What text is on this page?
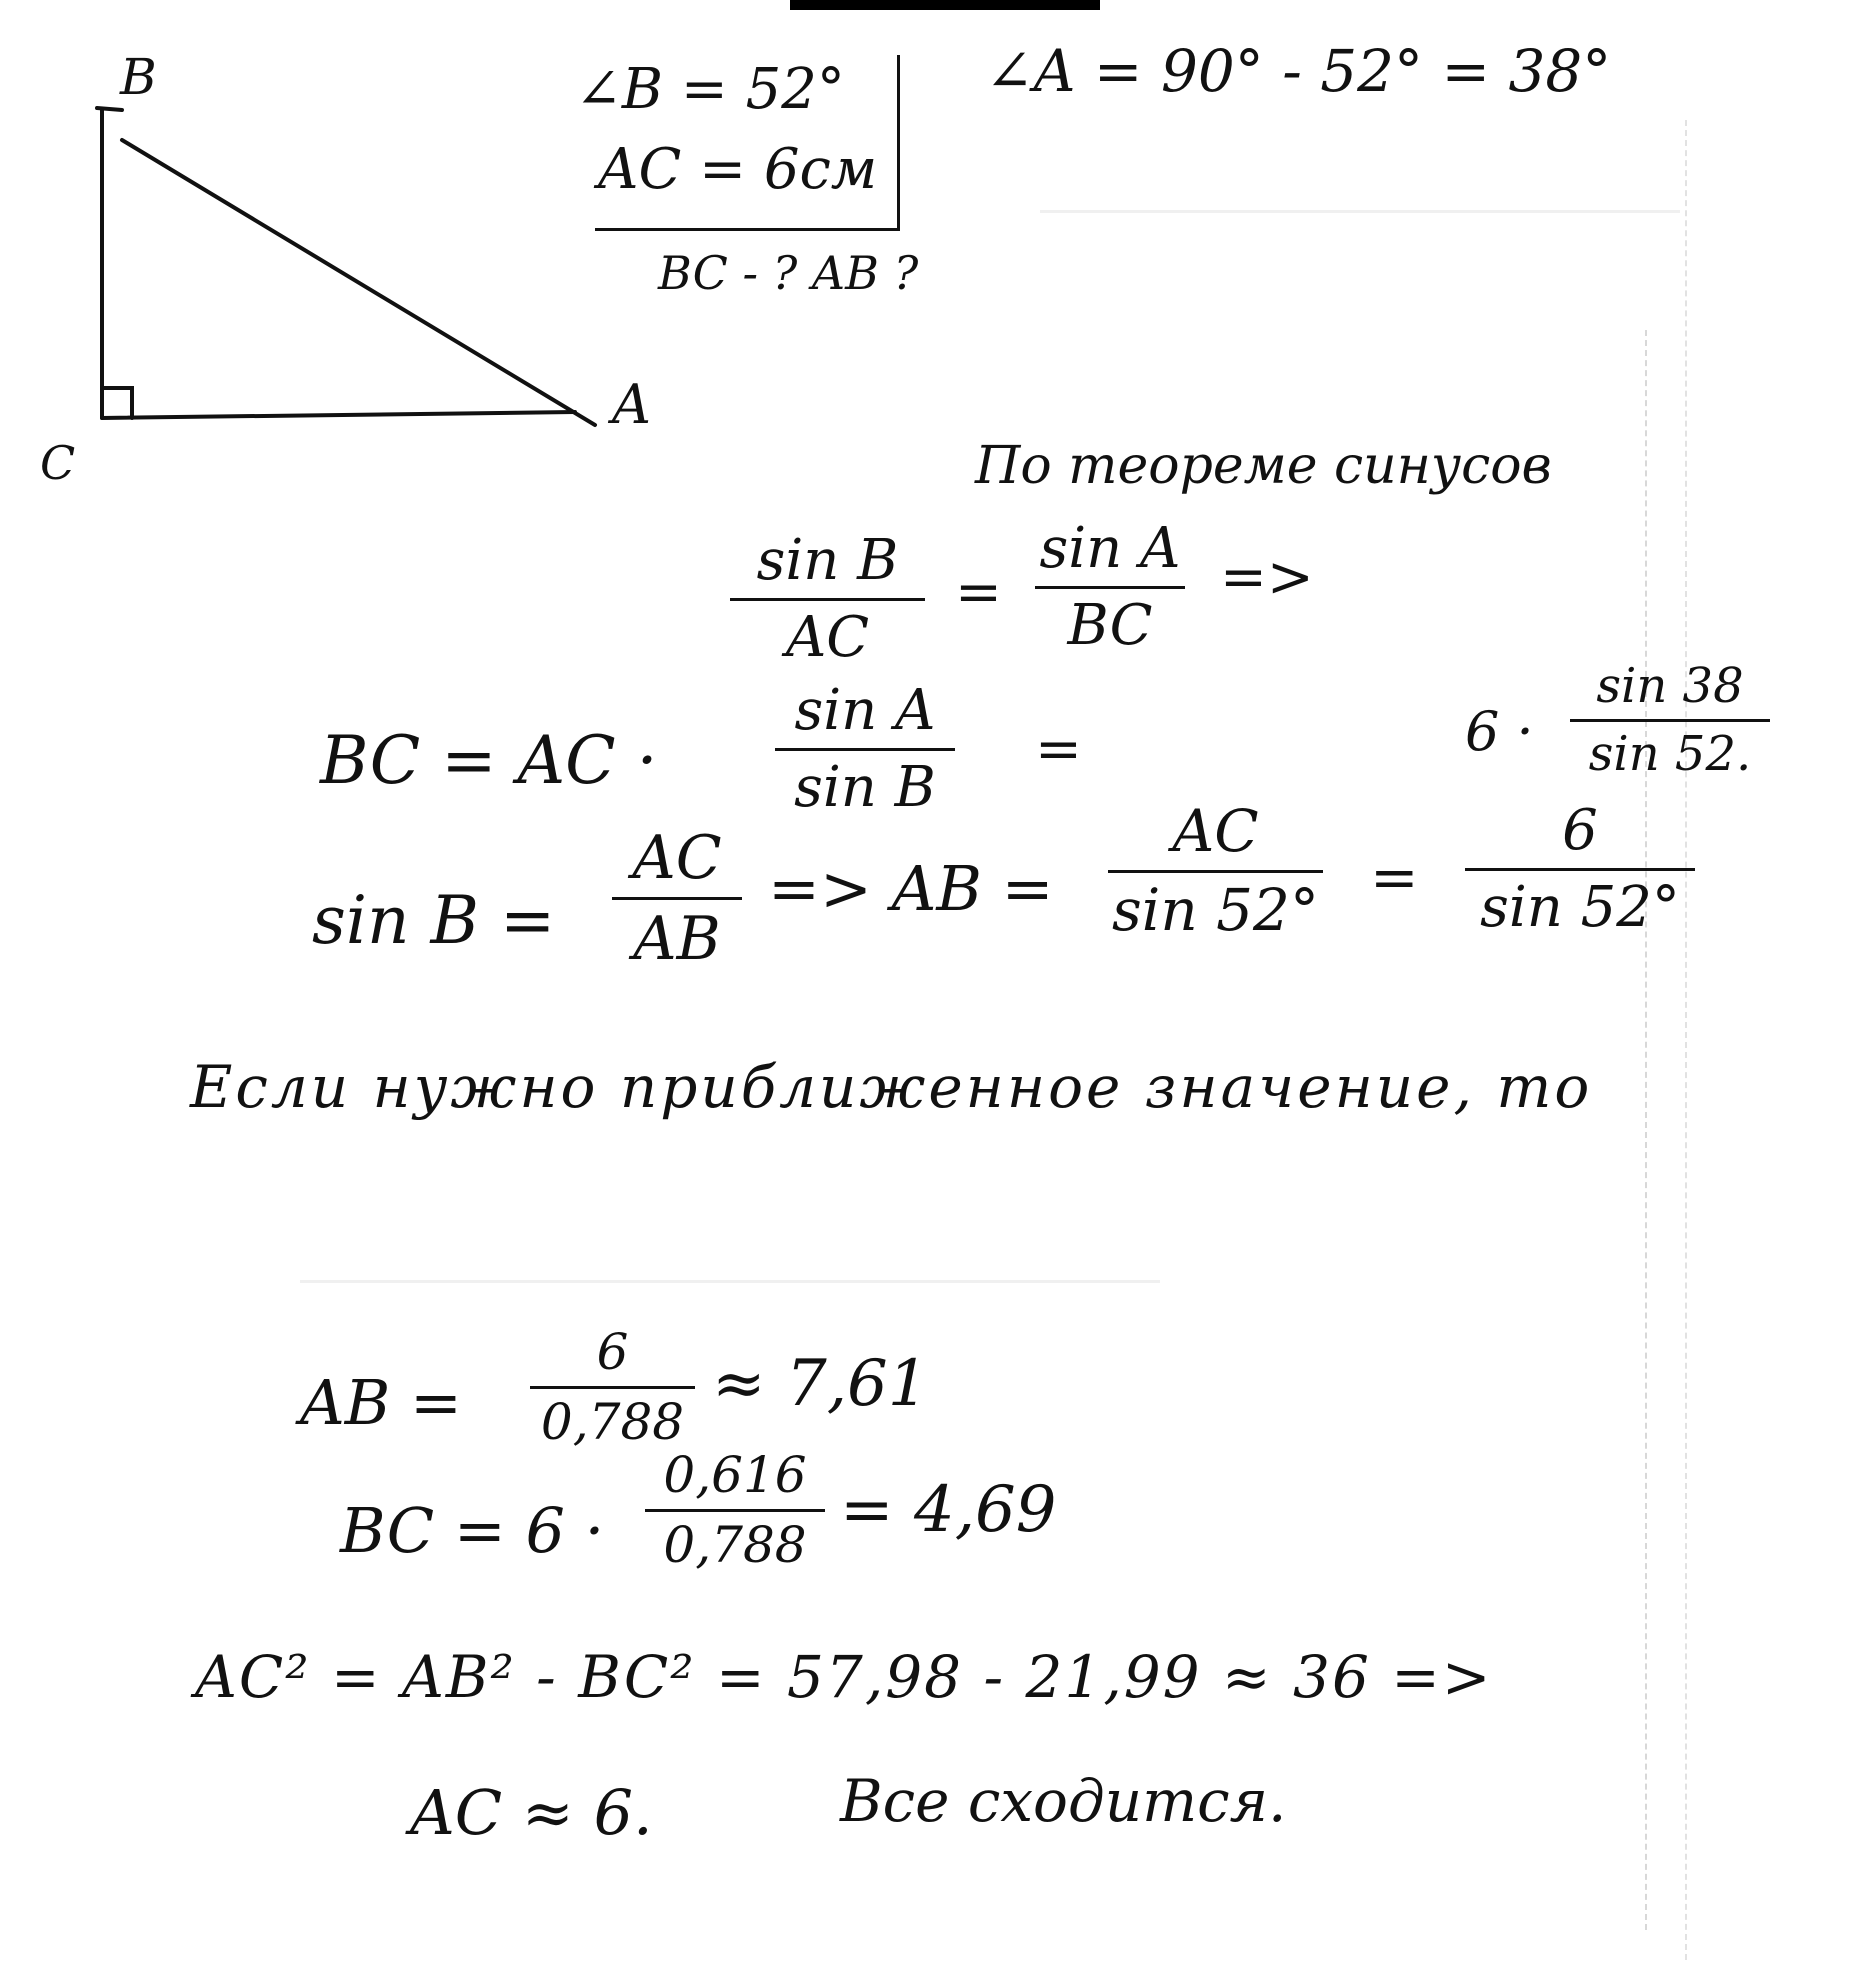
B
C
A
∠B = 52°
AC = 6см
BC - ? AB ?
∠A = 90° - 52° = 38°
По теореме синусов
sin B
AC
=
sin A
BC
=>
BC = AC ·
sin A
sin B
=	6 ·
sin 38
sin 52.
sin B =
AC
AB
=> AB =
AC
sin 52° =
6
sin 52°
Если нужно приближенное значение, то
AB =
6
0,788
≈ 7,61
BC = 6 ·
0,616
0,788 = 4,69
AC² = AB² - BC² = 57,98 - 21,99 ≈ 36 =>
AC ≈ 6.	Все сходится.
